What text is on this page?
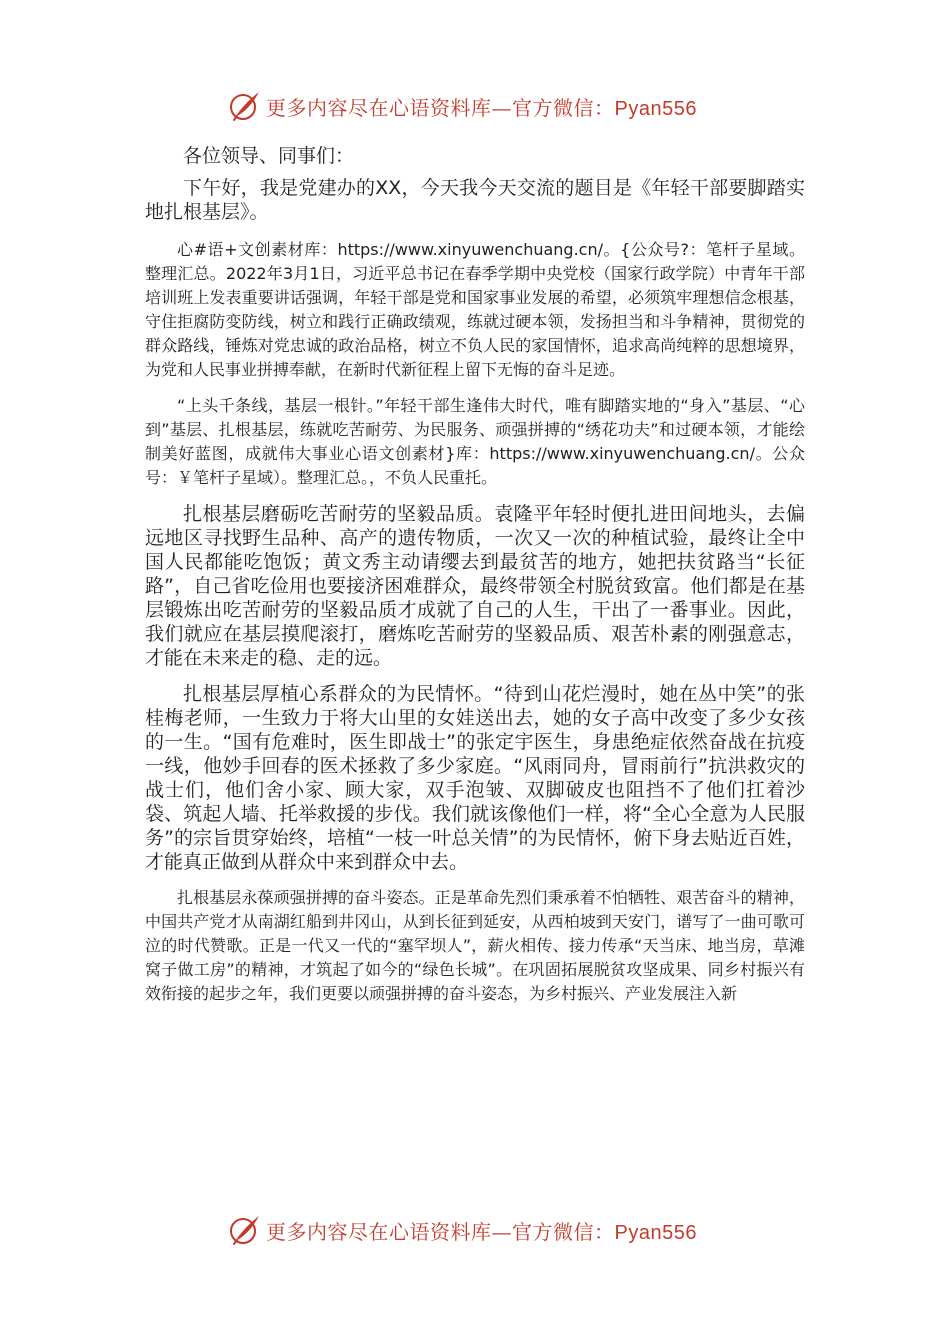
更多内容尽在心语资料库—官方微信：Pyan556

各位领导、同事们：

下午好，我是党建办的XX，今天我今天交流的题目是《年轻干部要脚踏实地扎根基层》。

心#语+文创素材库：https://www.xinyuwenchuang.cn/。{公众号?：笔杆子星域。整理汇总。2022年3月1日，习近平总书记在春季学期中央党校（国家行政学院）中青年干部培训班上发表重要讲话强调，年轻干部是党和国家事业发展的希望，必须筑牢理想信念根基，守住拒腐防变防线，树立和践行正确政绩观，练就过硬本领，发扬担当和斗争精神，贯彻党的群众路线，锤炼对党忠诚的政治品格，树立不负人民的家国情怀，追求高尚纯粹的思想境界，为党和人民事业拼搏奉献，在新时代新征程上留下无悔的奋斗足迹。

“上头千条线，基层一根针。”年轻干部生逢伟大时代，唯有脚踏实地的“身入”基层、“心到”基层、扎根基层，练就吃苦耐劳、为民服务、顽强拼搏的“绣花功夫”和过硬本领，才能绘制美好蓝图，成就伟大事业心语文创素材}库：https://www.xinyuwenchuang.cn/。公众号：￥笔杆子星域）。整理汇总。，不负人民重托。

扎根基层磨砺吃苦耐劳的坚毅品质。袁隆平年轻时便扎进田间地头，去偏远地区寻找野生品种、高产的遗传物质，一次又一次的种植试验，最终让全中国人民都能吃饱饭；黄文秀主动请缨去到最贫苦的地方，她把扶贫路当“长征路”，自己省吃俭用也要接济困难群众，最终带领全村脱贫致富。他们都是在基层锻炼出吃苦耐劳的坚毅品质才成就了自己的人生，干出了一番事业。因此，我们就应在基层摸爬滚打，磨炼吃苦耐劳的坚毅品质、艰苦朴素的刚强意志，才能在未来走的稳、走的远。

扎根基层厚植心系群众的为民情怀。“待到山花烂漫时，她在丛中笑”的张桂梅老师，一生致力于将大山里的女娃送出去，她的女子高中改变了多少女孩的一生。“国有危难时，医生即战士”的张定宇医生，身患绝症依然奋战在抗疫一线，他妙手回春的医术拯救了多少家庭。“风雨同舟，冒雨前行”抗洪救灾的战士们，他们舍小家、顾大家，双手泡皱、双脚破皮也阻挡不了他们扛着沙袋、筑起人墙、托举救援的步伐。我们就该像他们一样，将“全心全意为人民服务”的宗旨贯穿始终，培植“一枝一叶总关情”的为民情怀，俯下身去贴近百姓，才能真正做到从群众中来到群众中去。

扎根基层永葆顽强拼搏的奋斗姿态。正是革命先烈们秉承着不怕牺牲、艰苦奋斗的精神，中国共产党才从南湖红船到井冈山，从到长征到延安，从西柏坡到天安门，谱写了一曲可歌可泣的时代赞歌。正是一代又一代的“塞罕坝人”，薪火相传、接力传承“天当床、地当房，草滩窝子做工房”的精神，才筑起了如今的“绿色长城”。在巩固拓展脱贫攻坚成果、同乡村振兴有效衔接的起步之年，我们更要以顽强拼搏的奋斗姿态，为乡村振兴、产业发展注入新

更多内容尽在心语资料库—官方微信：Pyan556
